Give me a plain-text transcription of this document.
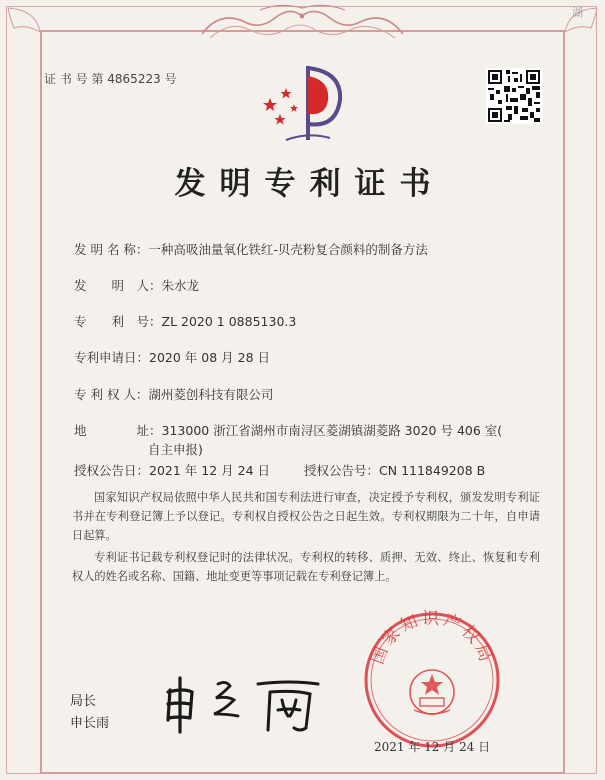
湖
证 书 号 第 4865223 号
发明专利证书
发 明 名 称：一种高吸油量氧化铁红-贝壳粉复合颜料的制备方法
发　　明　人：朱水龙
专　　利　号：ZL 2020 1 0885130.3
专利申请日：2020 年 08 月 28 日
专 利 权 人：湖州菱创科技有限公司
地　　　　址：313000 浙江省湖州市南浔区菱湖镇湖菱路 3020 号 406 室(
自主申报)
授权公告日：2021 年 12 月 24 日	授权公告号：CN 111849208 B
国家知识产权局依照中华人民共和国专利法进行审查，决定授予专利权，颁发发明专利证书并在专利登记簿上予以登记。专利权自授权公告之日起生效。专利权期限为二十年，自申请日起算。
专利证书记载专利权登记时的法律状况。专利权的转移、质押、无效、终止、恢复和专利权人的姓名或名称、国籍、地址变更等事项记载在专利登记簿上。
局长
申长雨
国家知识产权局
2021 年 12 月 24 日
